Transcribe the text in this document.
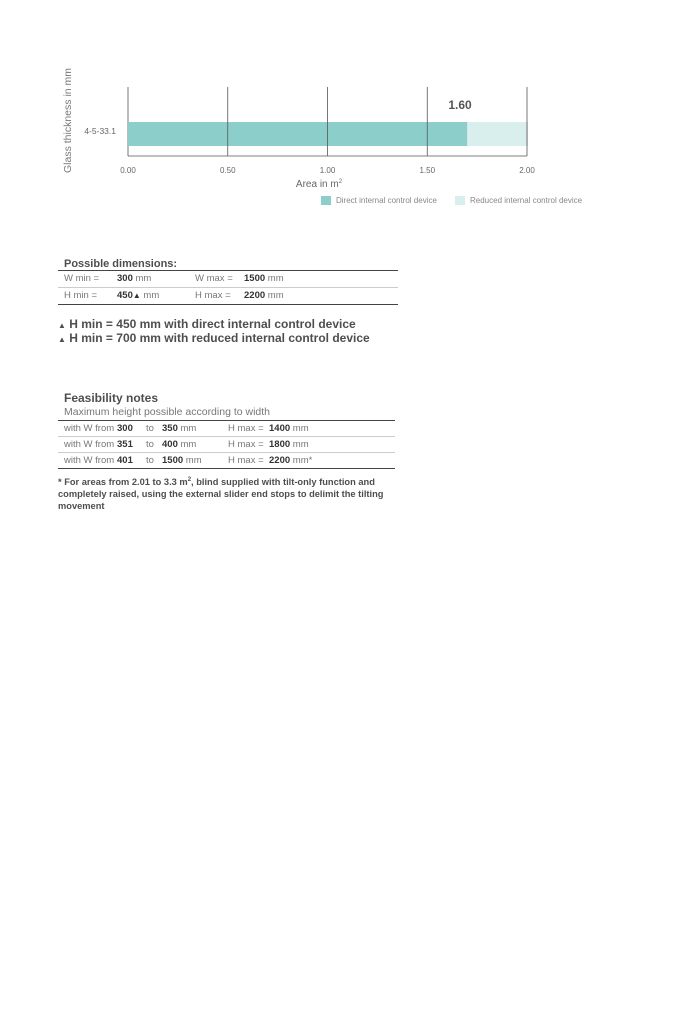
0.00	0.50	1.00	1.50	2.00
4-5-33.1
1.60
Area in $m^2$
Glass thickness in mm
Direct internal control device	Reduced internal control device
Possible dimensions:
W min = 300 mm	W max = 1500 mm
H min = 450▲ mm	H max = 2200 mm
▲ H min = 450 mm with direct internal control device
▲ H min = 700 mm with reduced internal control device
Feasibility notes
Maximum height possible according to width
with W from 300 to 350 mm	H max = 1400 mm
with W from 351 to 400 mm	H max = 1800 mm
with W from 401 to 1500 mm	H max = 2200 mm*
* For areas from 2.01 to 3.3 $m^2$, blind supplied with tilt-only function and completely raised, using the external slider end stops to delimit the tilting movement
